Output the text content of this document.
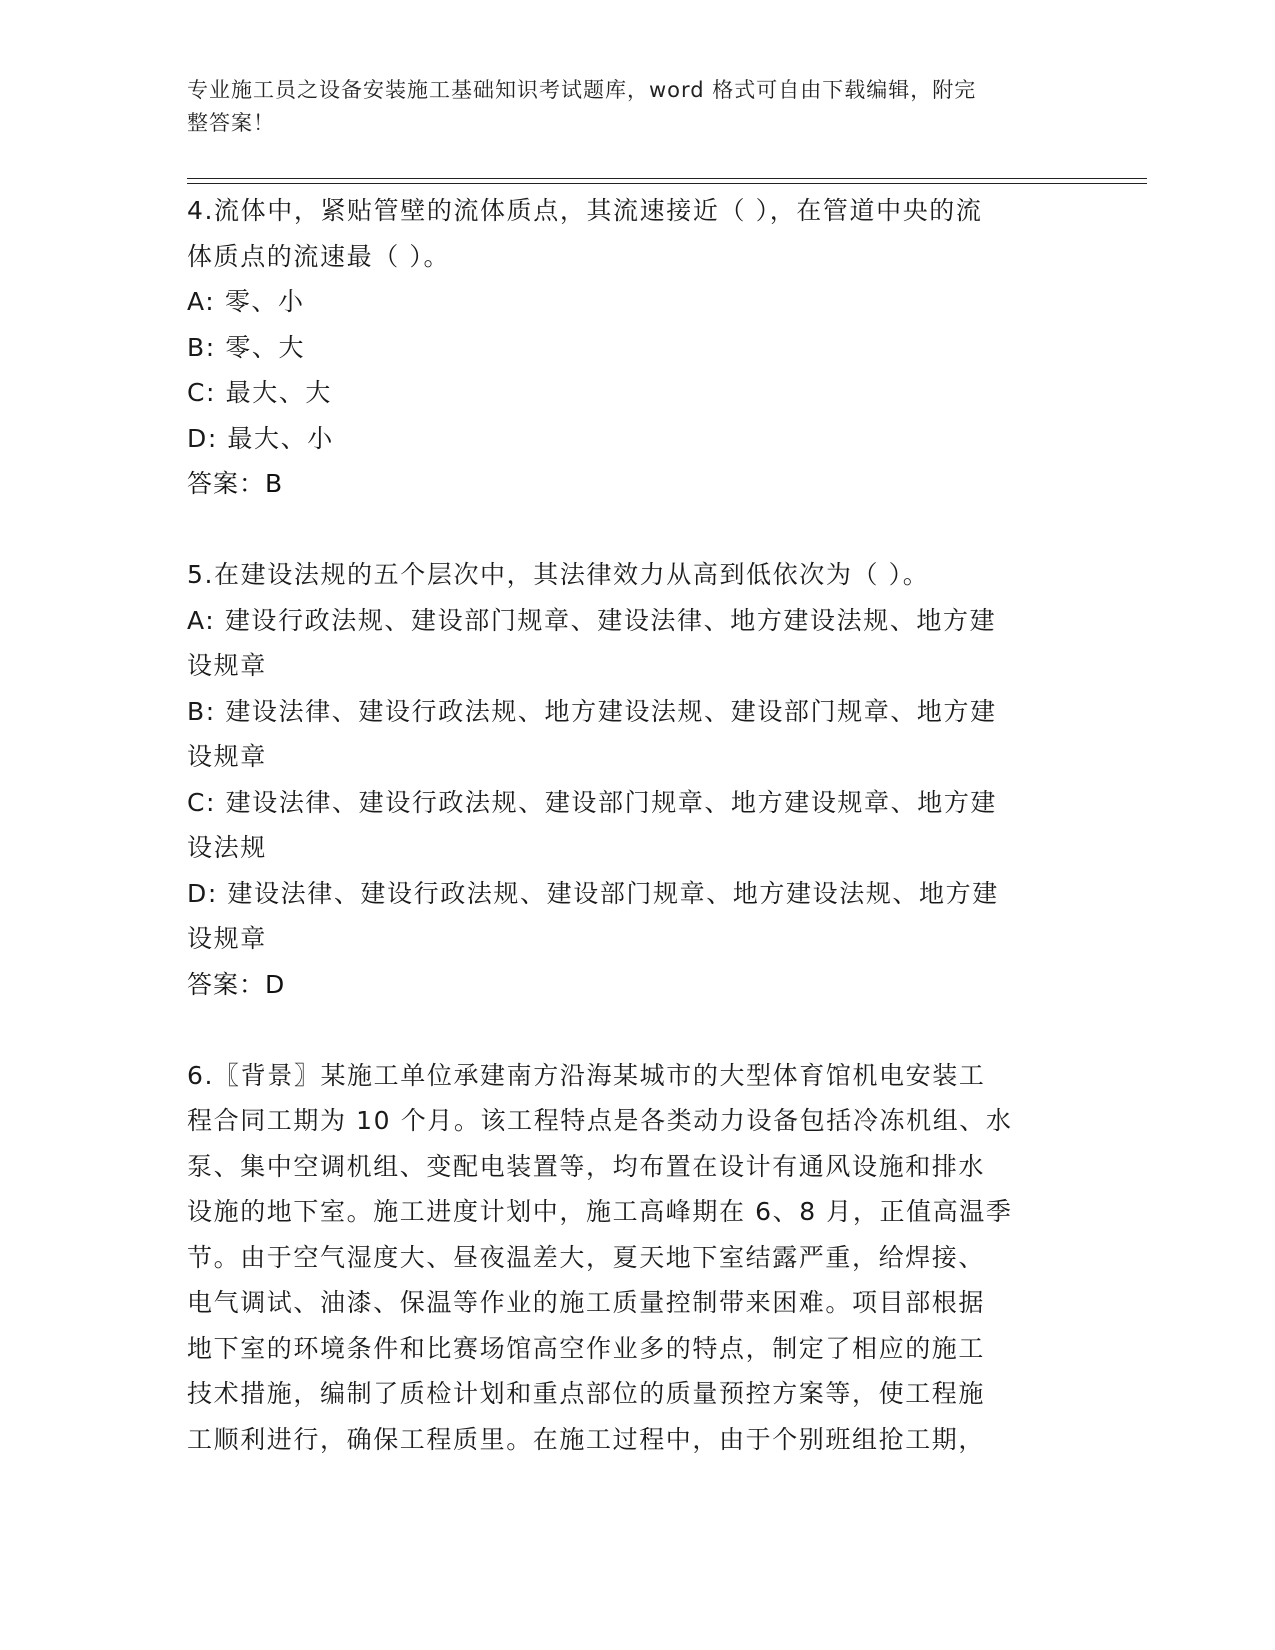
专业施工员之设备安装施工基础知识考试题库，word 格式可自由下载编辑，附完
整答案！
4.流体中，紧贴管壁的流体质点，其流速接近（ ），在管道中央的流
体质点的流速最（ ）。
A: 零、小
B: 零、大
C: 最大、大
D: 最大、小
答案：B
5.在建设法规的五个层次中，其法律效力从高到低依次为（ ）。
A: 建设行政法规、建设部门规章、建设法律、地方建设法规、地方建
设规章
B: 建设法律、建设行政法规、地方建设法规、建设部门规章、地方建
设规章
C: 建设法律、建设行政法规、建设部门规章、地方建设规章、地方建
设法规
D: 建设法律、建设行政法规、建设部门规章、地方建设法规、地方建
设规章
答案：D
6.〖背景〗某施工单位承建南方沿海某城市的大型体育馆机电安装工
程合同工期为 10 个月。该工程特点是各类动力设备包括冷冻机组、水
泵、集中空调机组、变配电装置等，均布置在设计有通风设施和排水
设施的地下室。施工进度计划中，施工高峰期在 6、8 月，正值高温季
节。由于空气湿度大、昼夜温差大，夏天地下室结露严重，给焊接、
电气调试、油漆、保温等作业的施工质量控制带来困难。项目部根据
地下室的环境条件和比赛场馆高空作业多的特点，制定了相应的施工
技术措施，编制了质检计划和重点部位的质量预控方案等，使工程施
工顺利进行，确保工程质里。在施工过程中，由于个别班组抢工期，
